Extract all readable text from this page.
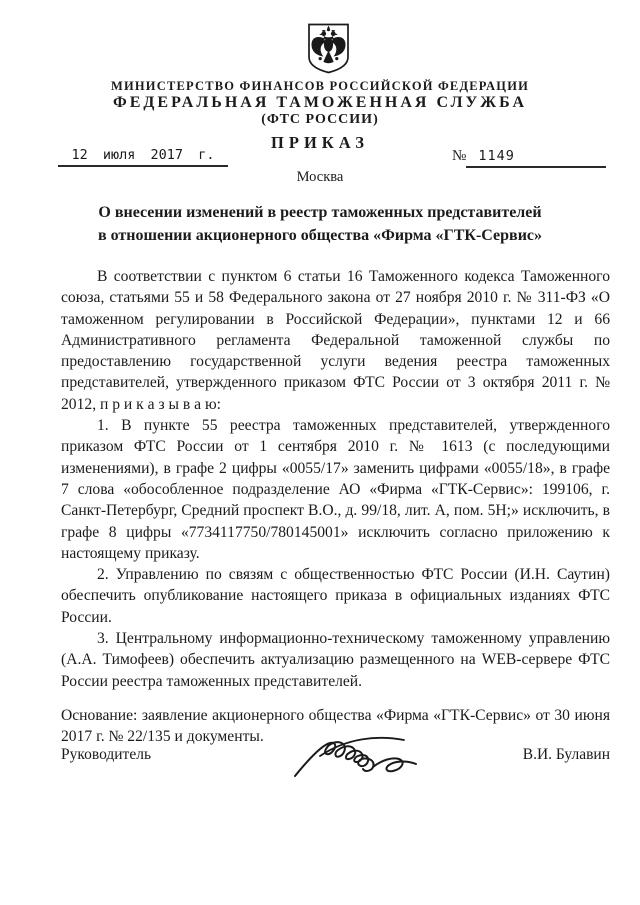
МИНИСТЕРСТВО ФИНАНСОВ РОССИЙСКОЙ ФЕДЕРАЦИИ
ФЕДЕРАЛЬНАЯ ТАМОЖЕННАЯ СЛУЖБА
(ФТС РОССИИ)
ПРИКАЗ
12 июля 2017 г.	№ 1149
Москва
О внесении изменений в реестр таможенных представителей
в отношении акционерного общества «Фирма «ГТК-Сервис»

В соответствии с пунктом 6 статьи 16 Таможенного кодекса Таможенного союза, статьями 55 и 58 Федерального закона от 27 ноября 2010 г. № 311-ФЗ «О таможенном регулировании в Российской Федерации», пунктами 12 и 66 Административного регламента Федеральной таможенной службы по предоставлению государственной услуги ведения реестра таможенных представителей, утвержденного приказом ФТС России от 3 октября 2011 г. № 2012, п р и к а з ы в а ю:

1. В пункте 55 реестра таможенных представителей, утвержденного приказом ФТС России от 1 сентября 2010 г. № 1613 (с последующими изменениями), в графе 2 цифры «0055/17» заменить цифрами «0055/18», в графе 7 слова «обособленное подразделение АО «Фирма «ГТК-Сервис»: 199106, г. Санкт-Петербург, Средний проспект В.О., д. 99/18, лит. А, пом. 5Н;» исключить, в графе 8 цифры «7734117750/780145001» исключить согласно приложению к настоящему приказу.

2. Управлению по связям с общественностью ФТС России (И.Н. Саутин) обеспечить опубликование настоящего приказа в официальных изданиях ФТС России.

3. Центральному информационно-техническому таможенному управлению (А.А. Тимофеев) обеспечить актуализацию размещенного на WEB-сервере ФТС России реестра таможенных представителей.

Основание: заявление акционерного общества «Фирма «ГТК-Сервис» от 30 июня 2017 г. № 22/135 и документы.

Руководитель	В.И. Булавин
